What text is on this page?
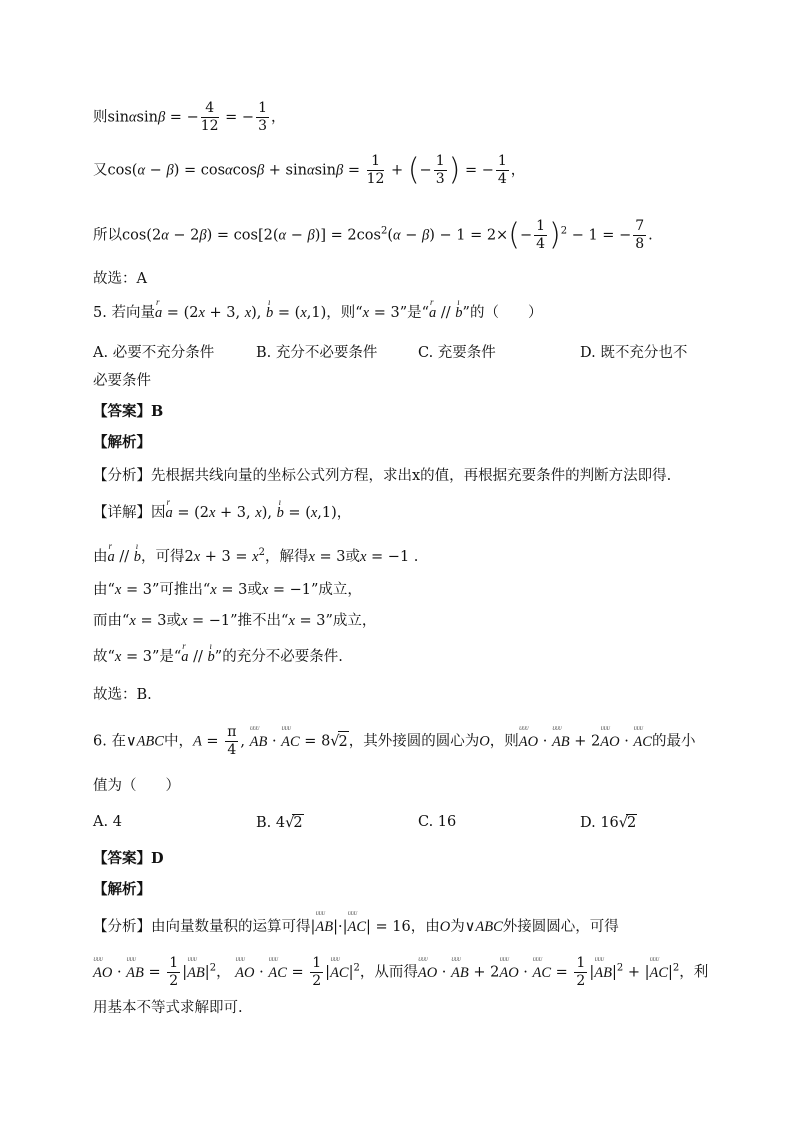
则sinαsinβ = − $\frac{4}{12}$ = − $\frac{1}{3}$ ，
又$\cos(\alpha - \beta) = \cos\alpha\cos\beta + \sin\alpha\sin\beta = \frac{1}{12}$ + (− $\frac{1}{3}$ ) = − $\frac{1}{4}$ ，
所以$\cos(2\alpha - 2\beta) = \cos[2(\alpha - \beta)] = 2\cos^2(\alpha - \beta) - 1 = 2\times(- \frac{1}{4} )^2 - 1$ = − $\frac{7}{8}$ .
故选：A
5. 若向量r a = (2x + 3, x), ı b = (x,1)，则“x = 3”是“r a // ı b”的（　　）
A. 必要不充分条件	B. 充分不必要条件	C. 充要条件	D. 既不充分也不
必要条件
【答案】B
【解析】
【分析】先根据共线向量的坐标公式列方程，求出x的值，再根据充要条件的判断方法即得.
【详解】因r a = (2x + 3, x), ı b = (x,1)，
由r a // ı b，可得$2x + 3 = x^2$，解得x = 3或x = −1 .
由“x = 3”可推出“x = 3或x = −1”成立，
而由“x = 3或x = −1”推不出“x = 3”成立，
故“x = 3”是“r a // ı b”的充分不必要条件.
故选：B.
6. 在∨ABC中，$A = \frac{\pi}{4}$ , ᵁᵁᵁ AB · ᵁᵁᵁ AC = 8√2，其外接圆的圆心为O，则ᵁᵁᵁ AO · ᵁᵁᵁ AB + 2ᵁᵁᵁ AO · ᵁᵁᵁ AC的最小
值为（　　）
A. 4	B. 4√2	C. 16	D. 16√2
【答案】D
【解析】
【分析】由向量数量积的运算可得|ᵁᵁᵁ AB|·|ᵁᵁᵁ AC| = 16，由O为∨ABC外接圆圆心，可得
ᵁᵁᵁ AO · ᵁᵁᵁ AB = $\frac{1}{2}$ |ᵁᵁᵁ $AB|^2$， ᵁᵁᵁ AO · ᵁᵁᵁ AC = $\frac{1}{2}$ |ᵁᵁᵁ $AC|^2$，从而得ᵁᵁᵁ AO · ᵁᵁᵁ AB + 2ᵁᵁᵁ AO · ᵁᵁᵁ AC = $\frac{1}{2}$ |ᵁᵁᵁ $AB|^2$ + |ᵁᵁᵁ $AC|^2$，利
用基本不等式求解即可.
